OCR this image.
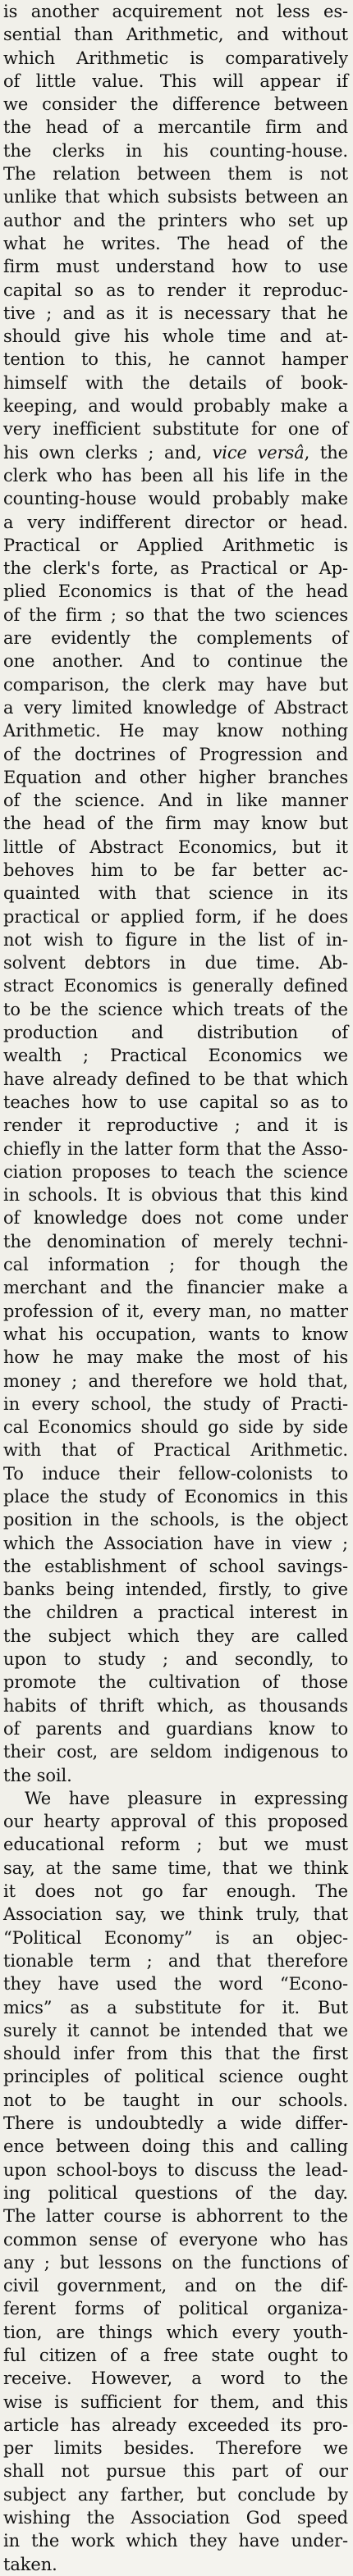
is another acquirement not less es-
sential than Arithmetic, and without
which Arithmetic is comparatively
of little value. This will appear if
we consider the difference between
the head of a mercantile firm and
the clerks in his counting-house.
The relation between them is not
unlike that which subsists between an
author and the printers who set up
what he writes. The head of the
firm must understand how to use
capital so as to render it reproduc-
tive ; and as it is necessary that he
should give his whole time and at-
tention to this, he cannot hamper
himself with the details of book-
keeping, and would probably make a
very inefficient substitute for one of
his own clerks ; and, vice versâ, the
clerk who has been all his life in the
counting-house would probably make
a very indifferent director or head.
Practical or Applied Arithmetic is
the clerk's forte, as Practical or Ap-
plied Economics is that of the head
of the firm ; so that the two sciences
are evidently the complements of
one another. And to continue the
comparison, the clerk may have but
a very limited knowledge of Abstract
Arithmetic. He may know nothing
of the doctrines of Progression and
Equation and other higher branches
of the science. And in like manner
the head of the firm may know but
little of Abstract Economics, but it
behoves him to be far better ac-
quainted with that science in its
practical or applied form, if he does
not wish to figure in the list of in-
solvent debtors in due time. Ab-
stract Economics is generally defined
to be the science which treats of the
production and distribution of
wealth ; Practical Economics we
have already defined to be that which
teaches how to use capital so as to
render it reproductive ; and it is
chiefly in the latter form that the Asso-
ciation proposes to teach the science
in schools. It is obvious that this kind
of knowledge does not come under
the denomination of merely techni-
cal information ; for though the
merchant and the financier make a
profession of it, every man, no matter
what his occupation, wants to know
how he may make the most of his
money ; and therefore we hold that,
in every school, the study of Practi-
cal Economics should go side by side
with that of Practical Arithmetic.
To induce their fellow-colonists to
place the study of Economics in this
position in the schools, is the object
which the Association have in view ;
the establishment of school savings-
banks being intended, firstly, to give
the children a practical interest in
the subject which they are called
upon to study ; and secondly, to
promote the cultivation of those
habits of thrift which, as thousands
of parents and guardians know to
their cost, are seldom indigenous to
the soil.
We have pleasure in expressing
our hearty approval of this proposed
educational reform ; but we must
say, at the same time, that we think
it does not go far enough. The
Association say, we think truly, that
“Political Economy” is an objec-
tionable term ; and that therefore
they have used the word “Econo-
mics” as a substitute for it. But
surely it cannot be intended that we
should infer from this that the first
principles of political science ought
not to be taught in our schools.
There is undoubtedly a wide differ-
ence between doing this and calling
upon school-boys to discuss the lead-
ing political questions of the day.
The latter course is abhorrent to the
common sense of everyone who has
any ; but lessons on the functions of
civil government, and on the dif-
ferent forms of political organiza-
tion, are things which every youth-
ful citizen of a free state ought to
receive. However, a word to the
wise is sufficient for them, and this
article has already exceeded its pro-
per limits besides. Therefore we
shall not pursue this part of our
subject any farther, but conclude by
wishing the Association God speed
in the work which they have under-
taken.
